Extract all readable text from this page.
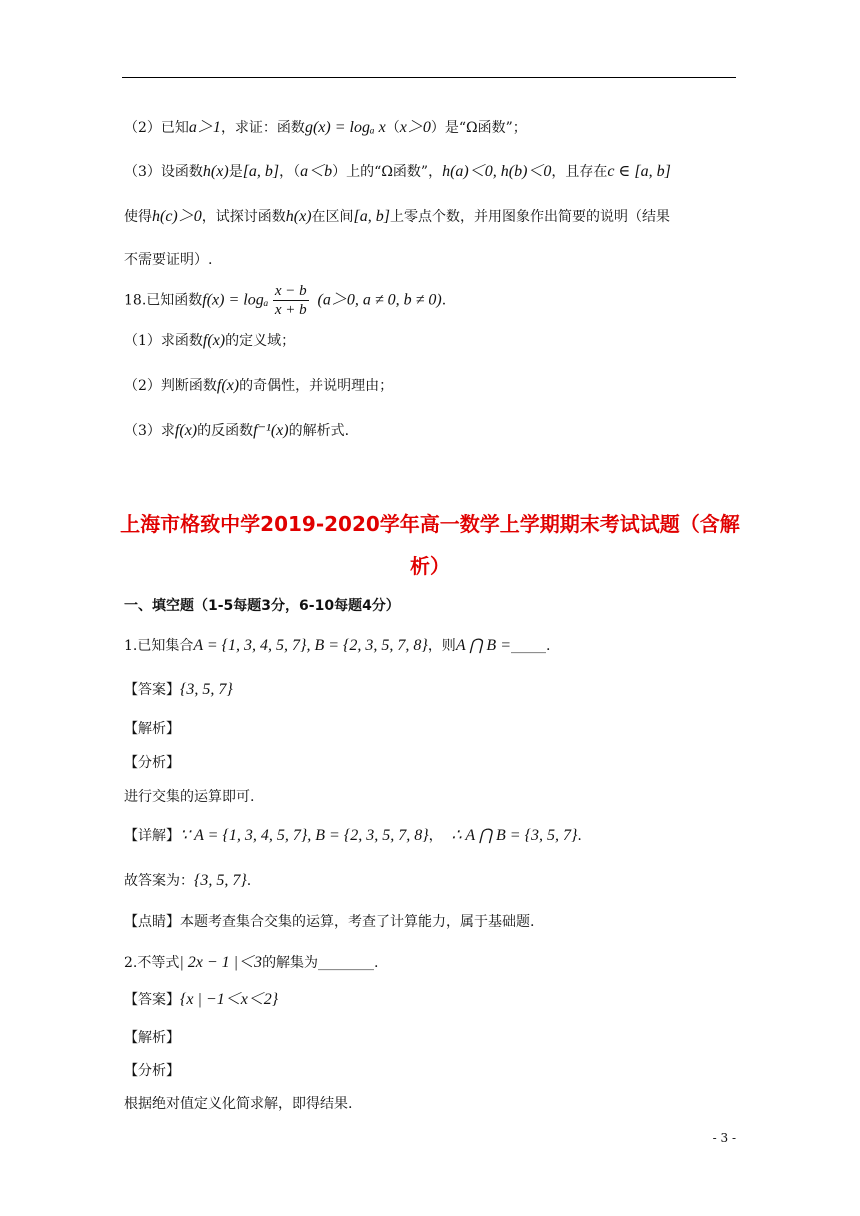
（2）已知a＞1，求证：函数g(x) = logₐ x（x＞0）是“Ω函数”；
（3）设函数h(x)是[a, b]，（a＜b）上的“Ω函数”，h(a)＜0, h(b)＜0，且存在c ∈ [a, b]
使得h(c)＞0，试探讨函数h(x)在区间[a, b]上零点个数，并用图象作出简要的说明（结果
不需要证明）.
18.已知函数f(x) = logₐ $\frac{x - b}{x + b} (a>0$, a ≠ 0, b ≠ 0).
（1）求函数f(x)的定义域；
（2）判断函数f(x)的奇偶性，并说明理由；
（3）求f(x)的反函数f⁻¹(x)的解析式.
上海市格致中学2019-2020学年高一数学上学期期末考试试题（含解
析）
一、填空题（1-5每题3分，6-10每题4分）
1.已知集合A = {1, 3, 4, 5, 7}, B = {2, 3, 5, 7, 8}，则A ⋂ B =_____.
【答案】{3, 5, 7}
【解析】
【分析】
进行交集的运算即可.
【详解】∵ A = {1, 3, 4, 5, 7}, B = {2, 3, 5, 7, 8}， ∴ A ⋂ B = {3, 5, 7}.
故答案为：{3, 5, 7}.
【点睛】本题考查集合交集的运算，考查了计算能力，属于基础题.
2.不等式| 2x − 1 |＜3的解集为________.
【答案】{x | −1＜x＜2}
【解析】
【分析】
根据绝对值定义化简求解，即得结果.
- 3 -
